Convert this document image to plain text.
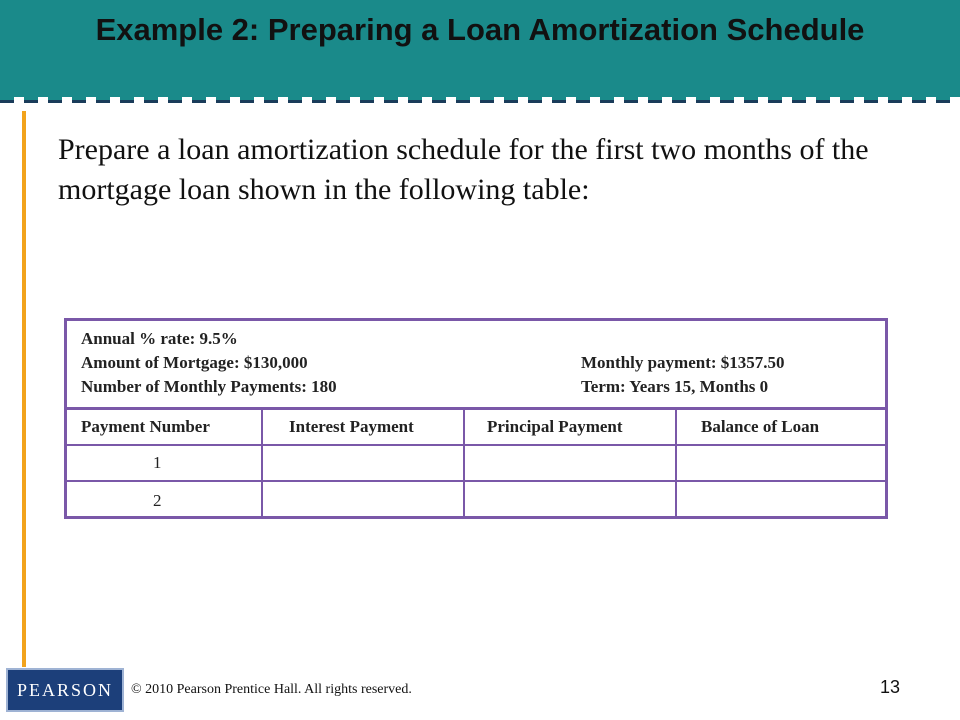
Example 2: Preparing a Loan Amortization Schedule
Prepare a loan amortization schedule for the first two months of the mortgage loan shown in the following table:
Annual % rate: 9.5%
Amount of Mortgage: $130,000
Number of Monthly Payments: 180
Monthly payment: $1357.50
Term: Years 15, Months 0
Payment Number	Interest Payment	Principal Payment	Balance of Loan
1
2
PEARSON	© 2010 Pearson Prentice Hall. All rights reserved.	13
